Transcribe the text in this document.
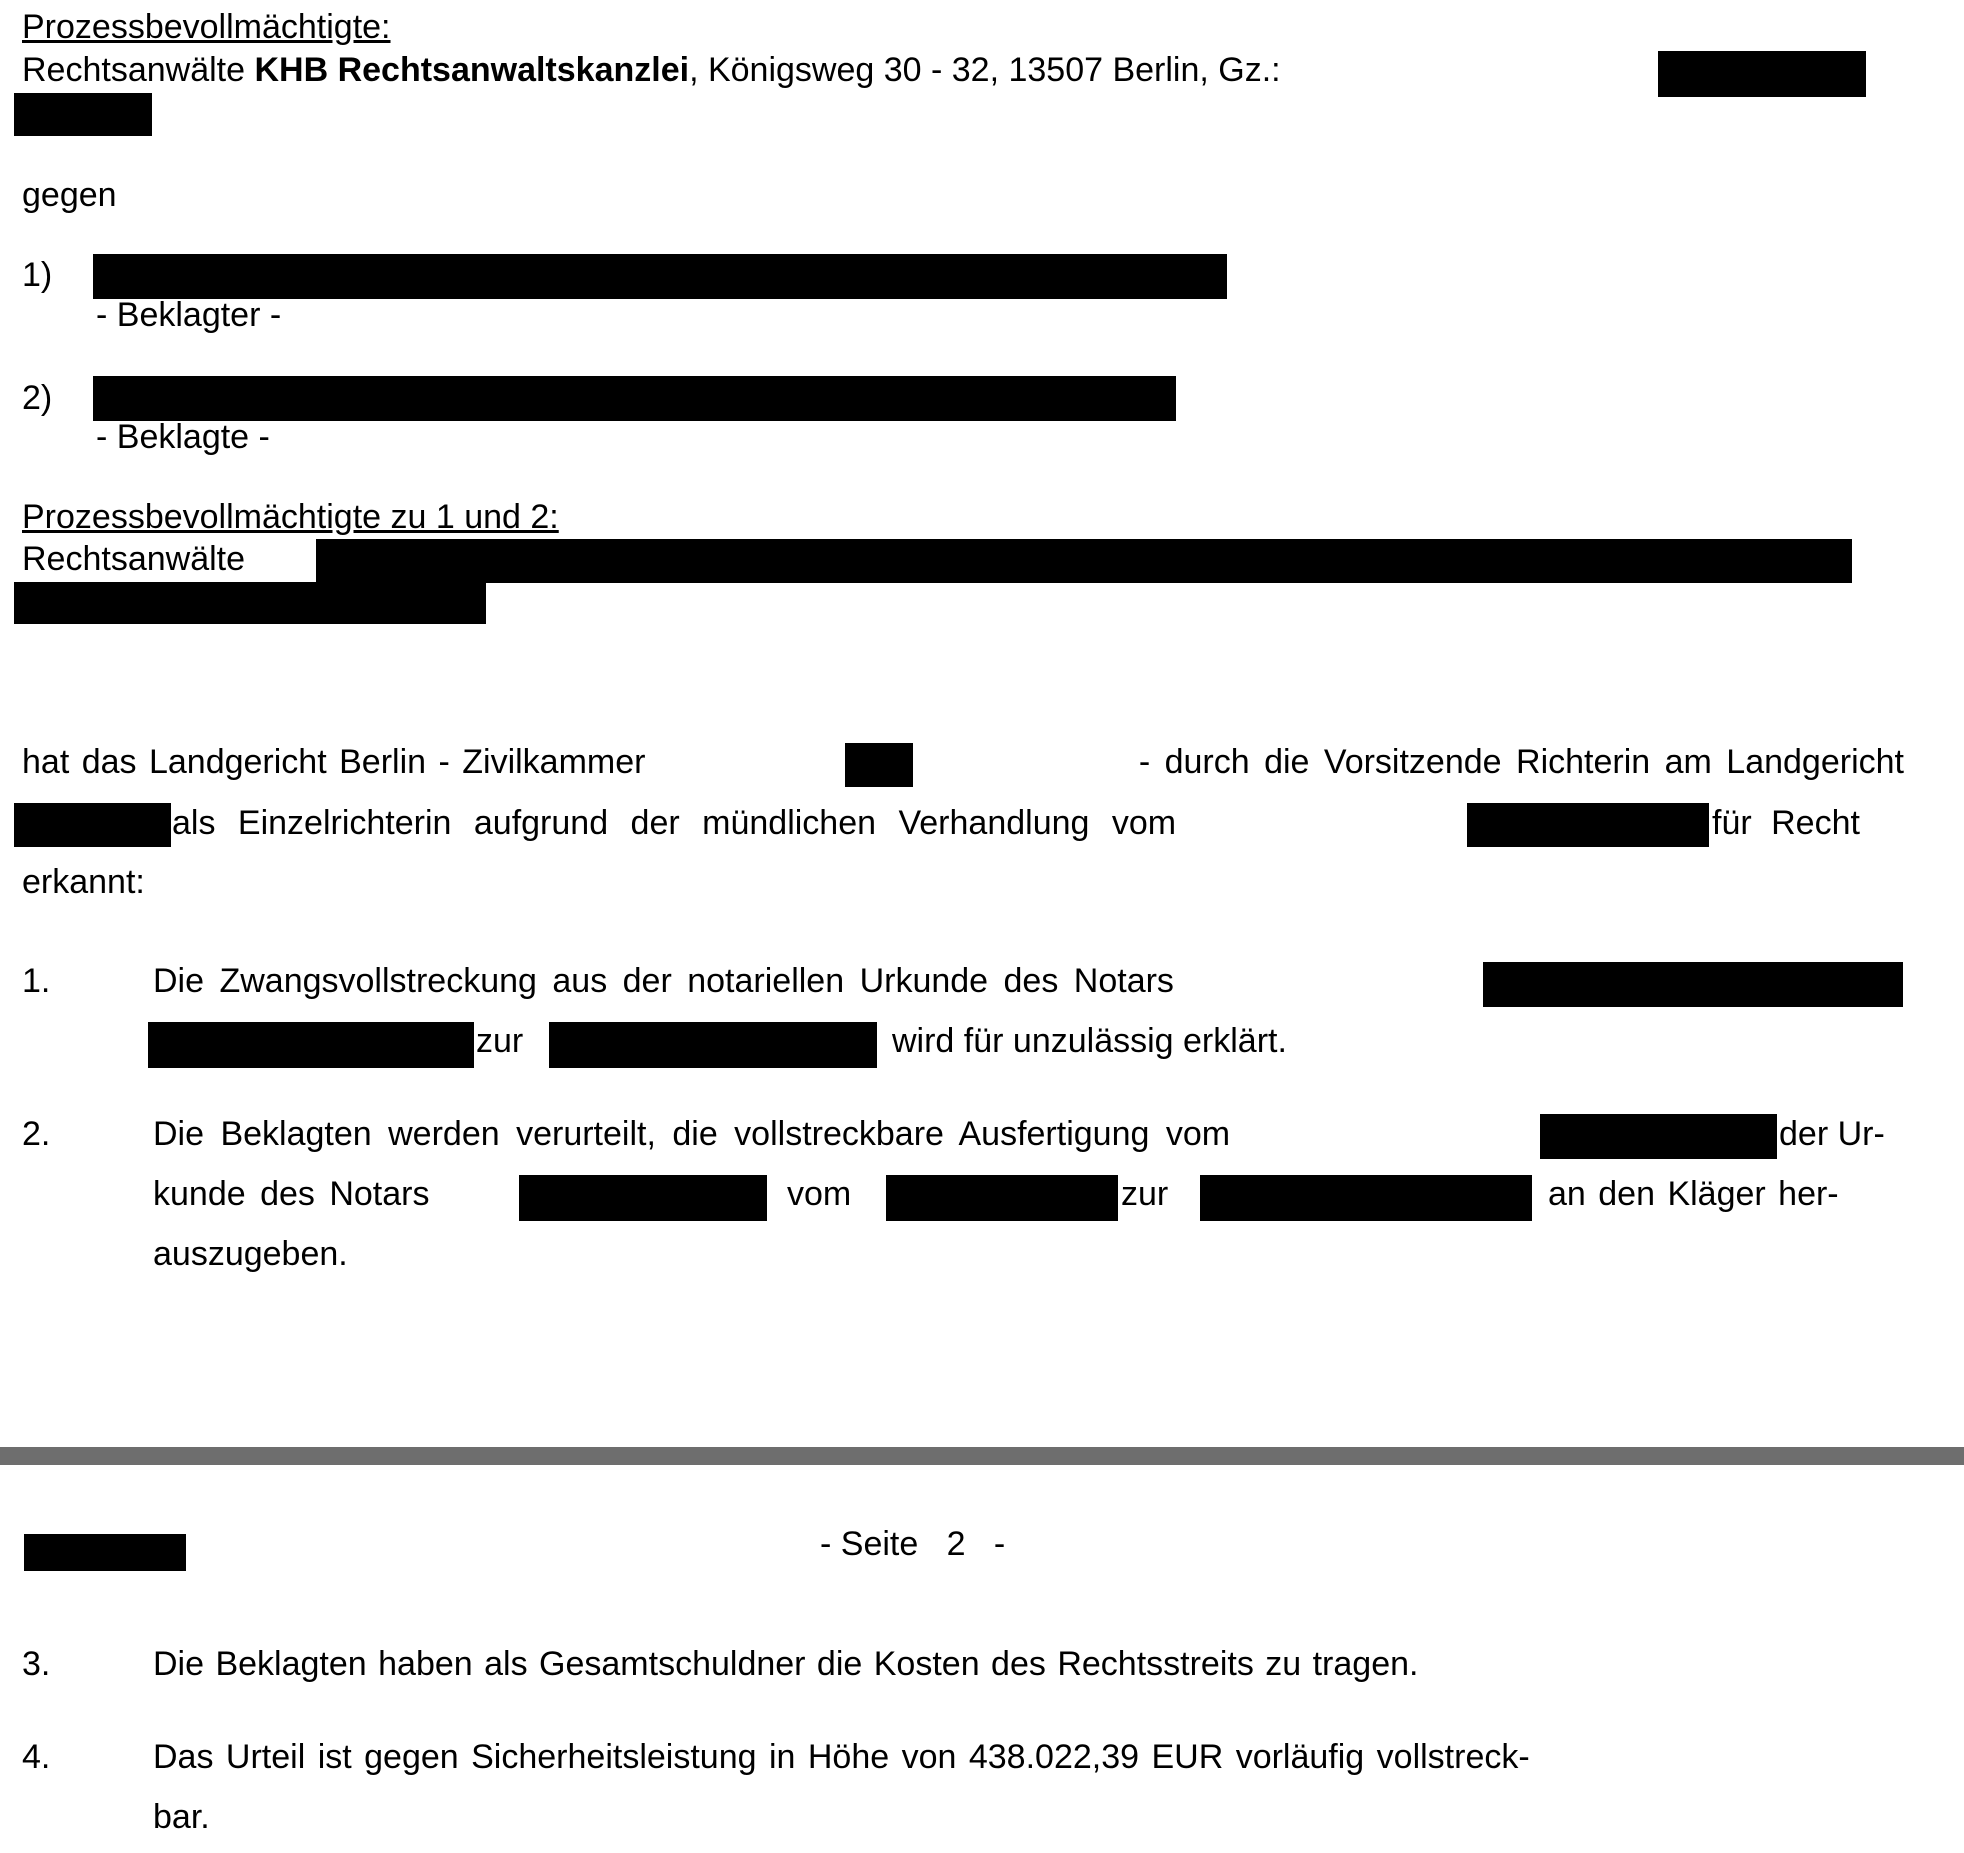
Prozessbevollmächtigte:
Rechtsanwälte KHB Rechtsanwaltskanzlei, Königsweg 30 - 32, 13507 Berlin, Gz.:
gegen
1)
- Beklagter -
2)
- Beklagte -
Prozessbevollmächtigte zu 1 und 2:
Rechtsanwälte
hat das Landgericht Berlin - Zivilkammer	- durch die Vorsitzende Richterin am Landgericht
als Einzelrichterin aufgrund der mündlichen Verhandlung vom	für Recht
erkannt:
1.	Die Zwangsvollstreckung aus der notariellen Urkunde des Notars
zur	wird für unzulässig erklärt.
2.	Die Beklagten werden verurteilt, die vollstreckbare Ausfertigung vom	der Ur-
kunde des Notars	vom	zur	an den Kläger her-
auszugeben.
- Seite   2   -
3.	Die Beklagten haben als Gesamtschuldner die Kosten des Rechtsstreits zu tragen.
4.	Das Urteil ist gegen Sicherheitsleistung in Höhe von 438.022,39 EUR vorläufig vollstreck-
bar.
